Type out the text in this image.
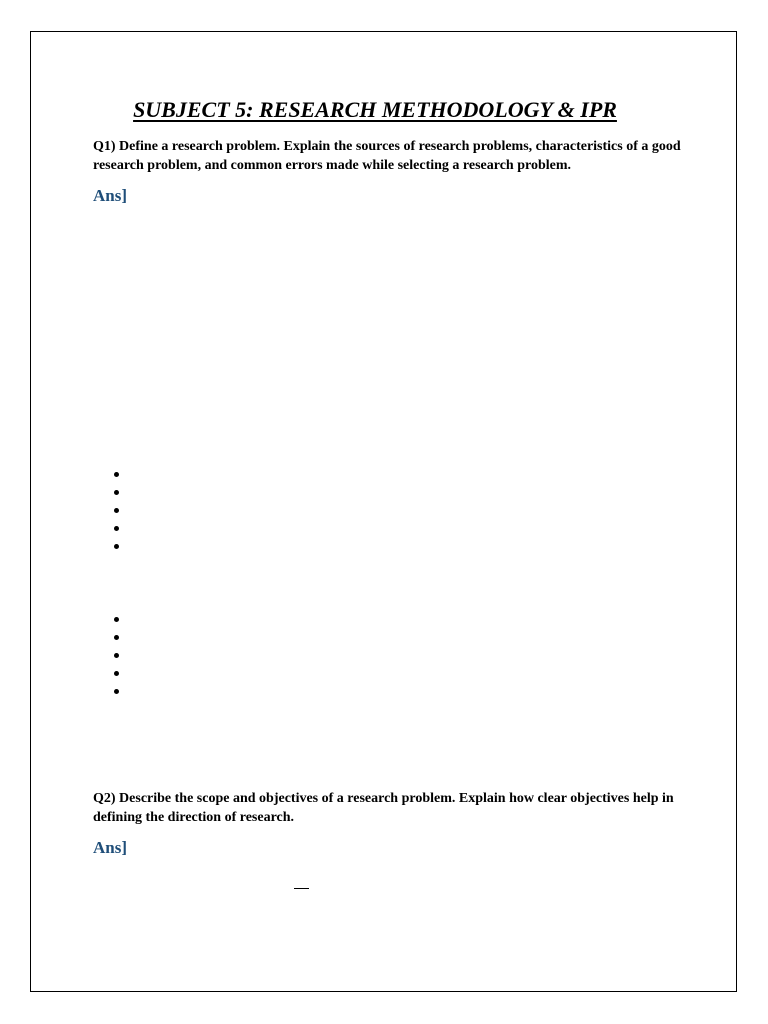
SUBJECT 5: RESEARCH METHODOLOGY & IPR
Q1) Define a research problem. Explain the sources of research problems, characteristics of a good research problem, and common errors made while selecting a research problem.
Ans]
Q2) Describe the scope and objectives of a research problem. Explain how clear objectives help in defining the direction of research.
Ans]
